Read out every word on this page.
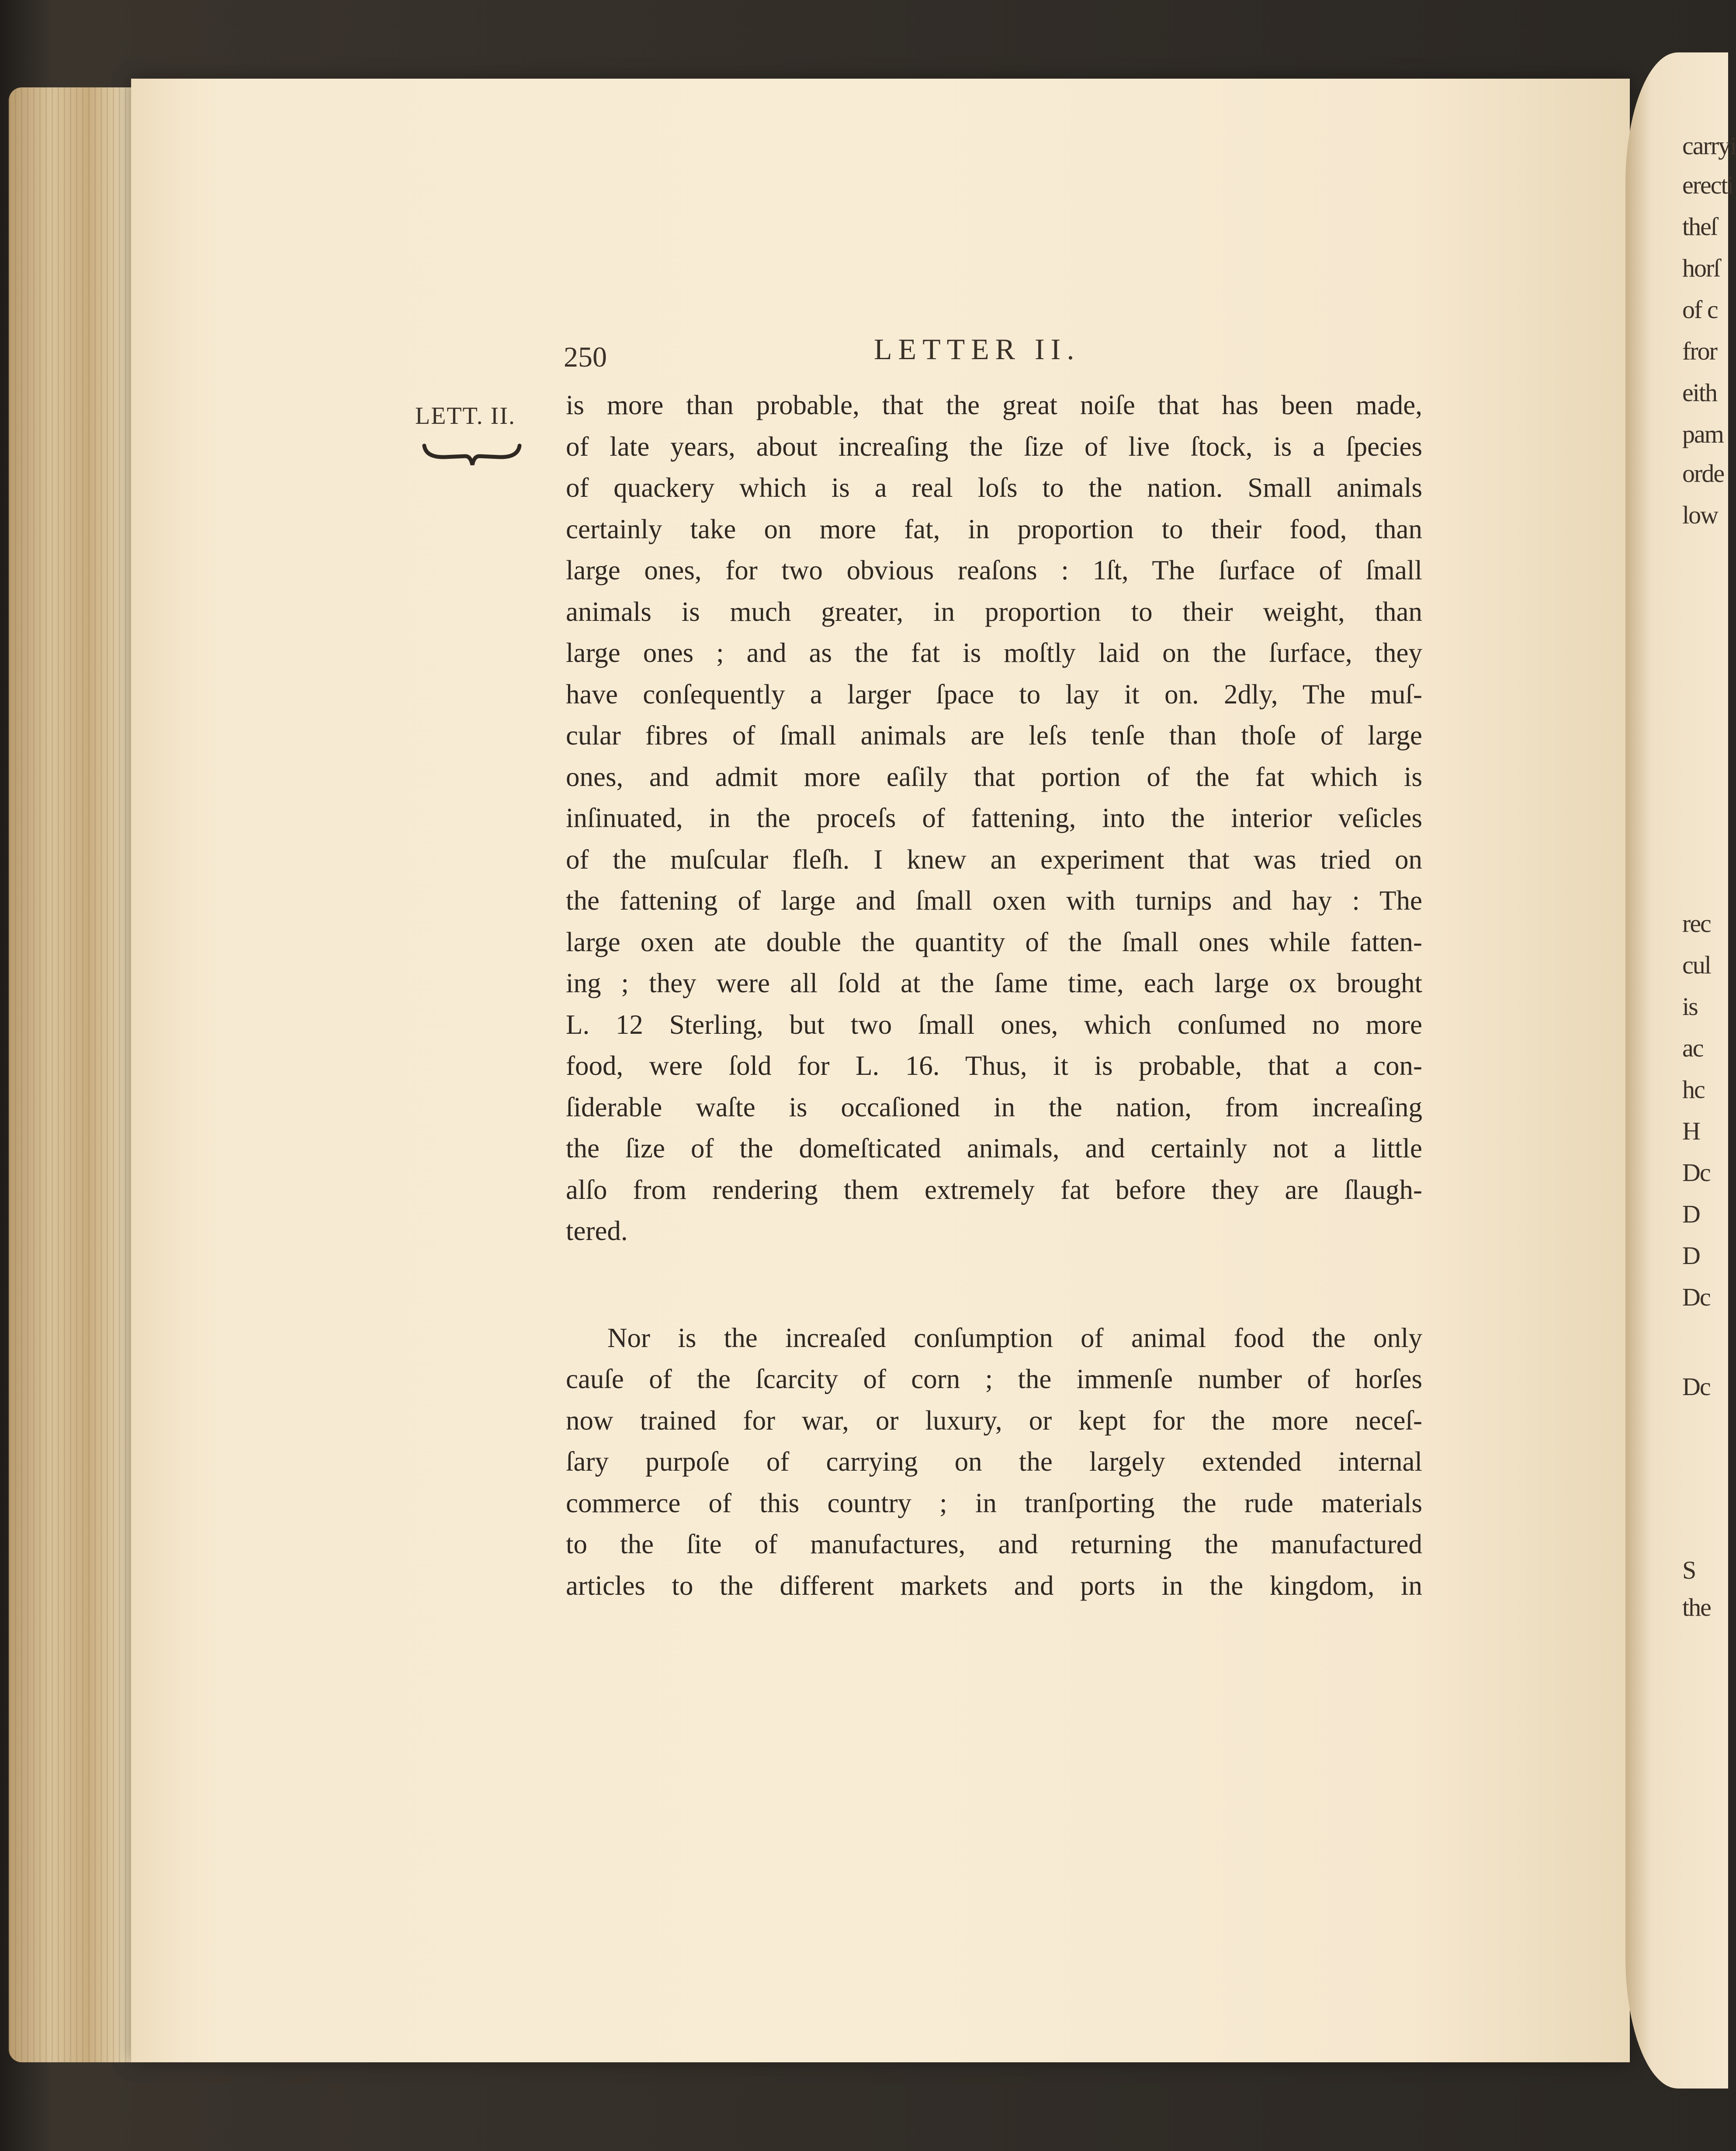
carryi
erecti
theſ
horſ
of c
fror
eith
pam
orde
low
rec
cul
is
ac
hc
H
Dc
D
D
Dc
Dc
S
the
250	LETTER II.
LETT. II. is more than probable, that the great noiſe that has been made,
of late years, about increaſing the ſize of live ſtock, is a ſpecies
of quackery which is a real loſs to the nation. Small animals
certainly take on more fat, in proportion to their food, than
large ones, for two obvious reaſons : 1ſt, The ſurface of ſmall
animals is much greater, in proportion to their weight, than
large ones ; and as the fat is moſtly laid on the ſurface, they
have conſequently a larger ſpace to lay it on. 2dly, The muſ-
cular fibres of ſmall animals are leſs tenſe than thoſe of large
ones, and admit more eaſily that portion of the fat which is
inſinuated, in the proceſs of fattening, into the interior veſicles
of the muſcular fleſh. I knew an experiment that was tried on
the fattening of large and ſmall oxen with turnips and hay : The
large oxen ate double the quantity of the ſmall ones while fatten-
ing ; they were all ſold at the ſame time, each large ox brought
L. 12 Sterling, but two ſmall ones, which conſumed no more
food, were ſold for L. 16. Thus, it is probable, that a con-
ſiderable waſte is occaſioned in the nation, from increaſing
the ſize of the domeſticated animals, and certainly not a little
alſo from rendering them extremely fat before they are ſlaugh-
tered.
Nor is the increaſed conſumption of animal food the only
cauſe of the ſcarcity of corn ; the immenſe number of horſes
now trained for war, or luxury, or kept for the more neceſ-
ſary purpoſe of carrying on the largely extended internal
commerce of this country ; in tranſporting the rude materials
to the ſite of manufactures, and returning the manufactured
articles to the different markets and ports in the kingdom, in
